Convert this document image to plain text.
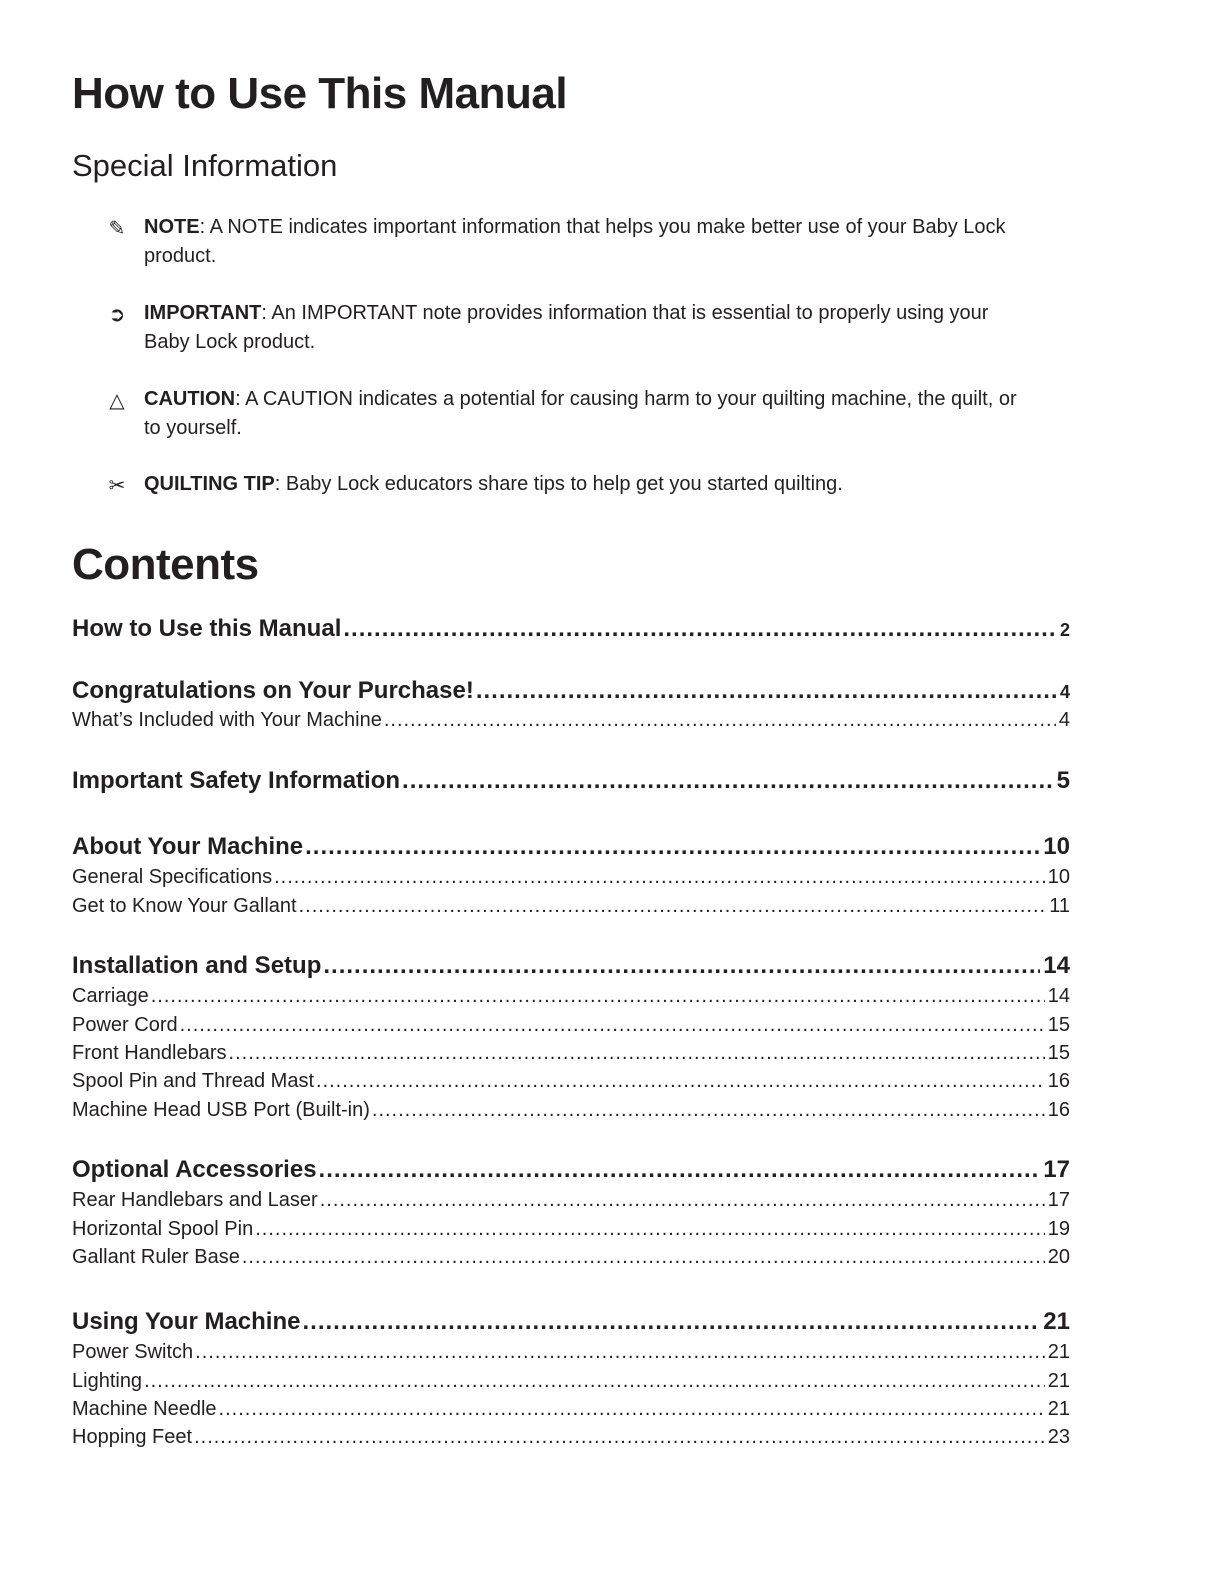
How to Use This Manual
Special Information
✎ NOTE: A NOTE indicates important information that helps you make better use of your Baby Lock product.
➲ IMPORTANT: An IMPORTANT note provides information that is essential to properly using your Baby Lock product.
△ CAUTION: A CAUTION indicates a potential for causing harm to your quilting machine, the quilt, or to yourself.
✂ QUILTING TIP: Baby Lock educators share tips to help get you started quilting.
Contents
How to Use this Manual .....	2
Congratulations on Your Purchase! .....	4
What’s Included with Your Machine .....	4
Important Safety Information .....	5
About Your Machine .....	10
General Specifications .....	10
Get to Know Your Gallant .....	11
Installation and Setup .....	14
Carriage .....	14
Power Cord .....	15
Front Handlebars .....	15
Spool Pin and Thread Mast .....	16
Machine Head USB Port (Built-in) .....	16
Optional Accessories .....	17
Rear Handlebars and Laser .....	17
Horizontal Spool Pin .....	19
Gallant Ruler Base .....	20
Using Your Machine .....	21
Power Switch .....	21
Lighting .....	21
Machine Needle .....	21
Hopping Feet .....	23
